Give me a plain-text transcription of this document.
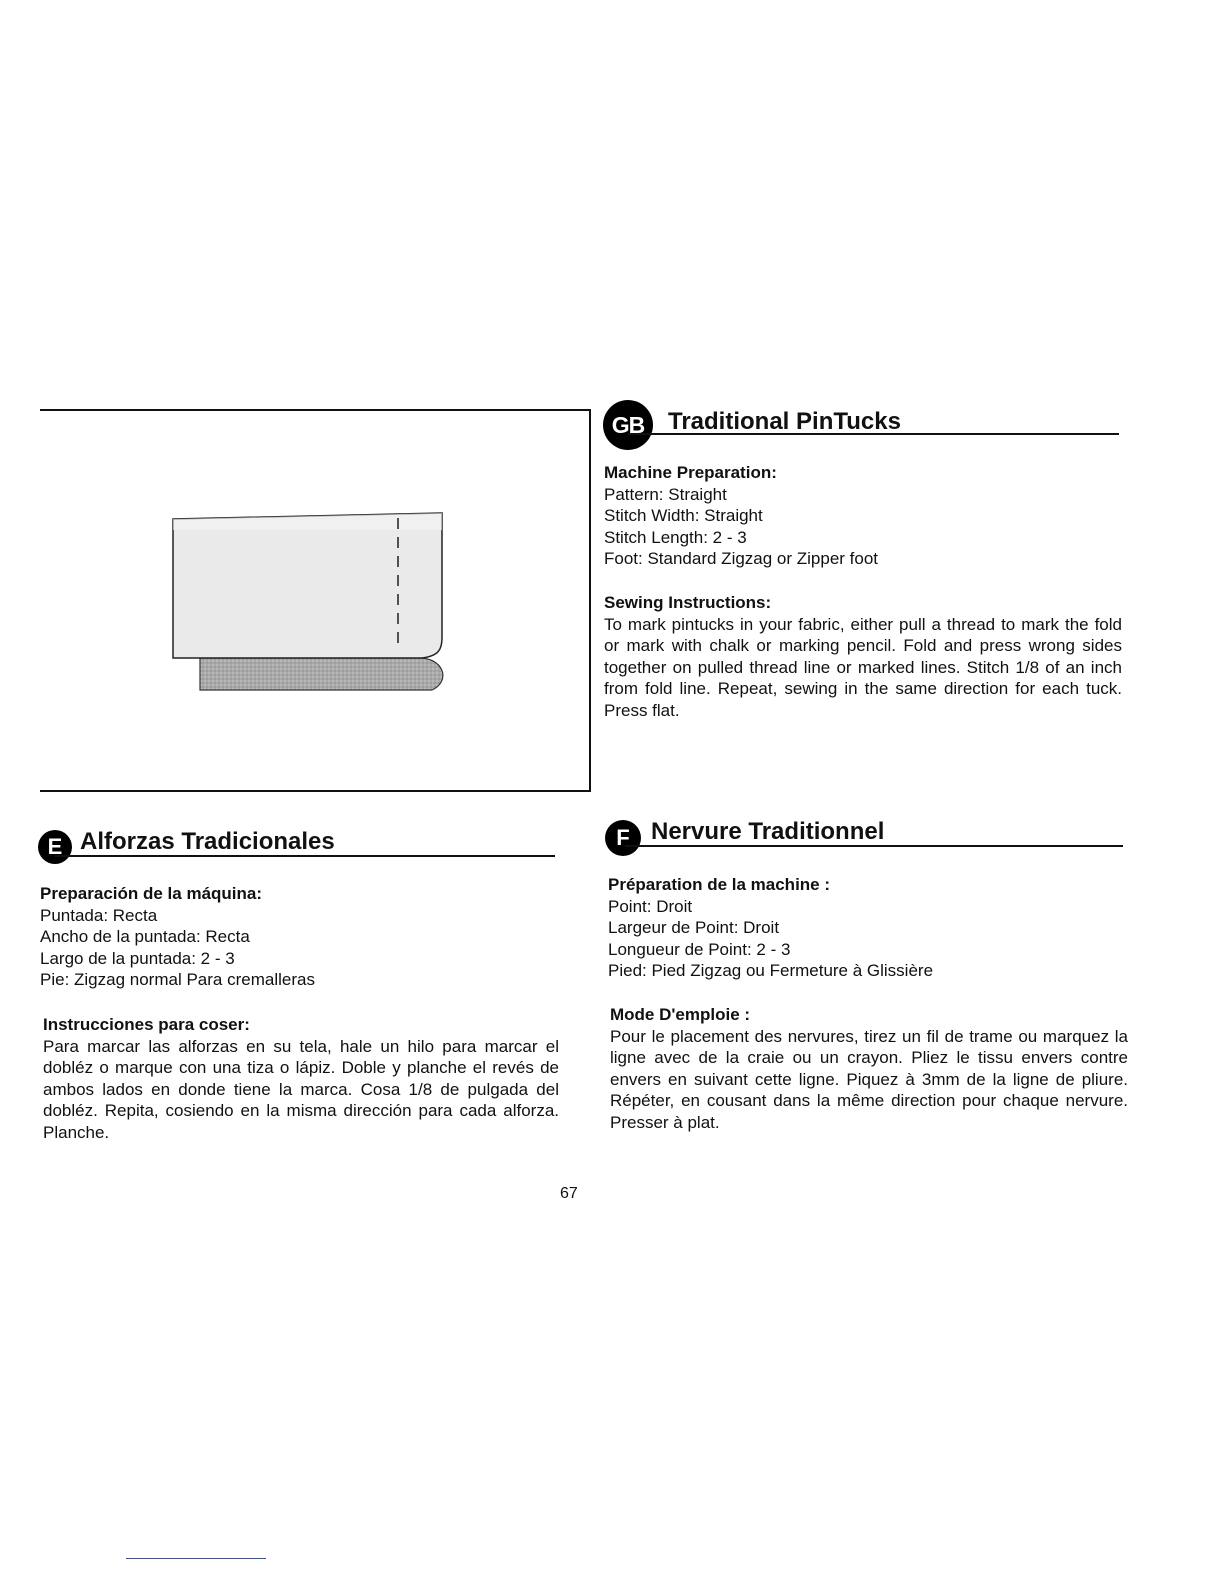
GB Traditional PinTucks
Machine Preparation:
Pattern: Straight
Stitch Width: Straight
Stitch Length: 2 - 3
Foot: Standard Zigzag or Zipper foot
Sewing Instructions:
To mark pintucks in your fabric, either pull a thread to mark the fold or mark with chalk or marking pencil. Fold and press wrong sides together on pulled thread line or marked lines. Stitch 1/8 of an inch from fold line. Repeat, sewing in the same direction for each tuck. Press flat.
E Alforzas Tradicionales
Preparación de la máquina:
Puntada: Recta
Ancho de la puntada: Recta
Largo de la puntada: 2 - 3
Pie: Zigzag normal Para cremalleras
Instrucciones para coser:
Para marcar las alforzas en su tela, hale un hilo para marcar el dobléz o marque con una tiza o lápiz. Doble y planche el revés de ambos lados en donde tiene la marca. Cosa 1/8 de pulgada del dobléz. Repita, cosiendo en la misma dirección para cada alforza. Planche.
F Nervure Traditionnel
Préparation de la machine :
Point: Droit
Largeur de Point: Droit
Longueur de Point: 2 - 3
Pied: Pied Zigzag ou Fermeture à Glissière
Mode D'emploie :
Pour le placement des nervures, tirez un fil de trame ou marquez la ligne avec de la craie ou un crayon. Pliez le tissu envers contre envers en suivant cette ligne. Piquez à 3mm de la ligne de pliure. Répéter, en cousant dans la même direction pour chaque nervure. Presser à plat.
67
